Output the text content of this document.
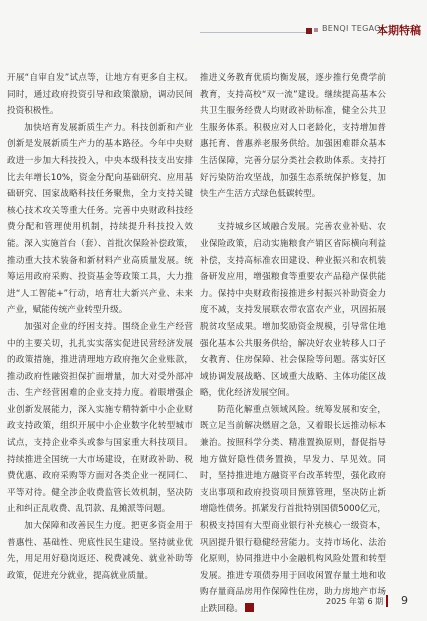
BENQI TEGAO
本期特稿

开展“自审自发”试点等，让地方有更多自主权。同时，通过政府投资引导和政策激励，调动民间投资积极性。

加快培育发展新质生产力。科技创新和产业创新是发展新质生产力的基本路径。今年中央财政进一步加大科技投入，中央本级科技支出安排比去年增长10%，资金分配向基础研究、应用基础研究、国家战略科技任务聚焦，全力支持关键核心技术攻关等重大任务。完善中央财政科技经费分配和管理使用机制，持续提升科技投入效能。深入实施首台（套）、首批次保险补偿政策，推动重大技术装备和新材料产业高质量发展。统筹运用政府采购、投资基金等政策工具，大力推进“人工智能+”行动，培育壮大新兴产业、未来产业，赋能传统产业转型升级。

加强对企业的纾困支持。围绕企业生产经营中的主要关切，扎扎实实落实促进民营经济发展的政策措施，推进清理地方政府拖欠企业账款，推动政府性融资担保扩面增量，加大对受外部冲击、生产经营困难的企业支持力度。着眼增强企业创新发展能力，深入实施专精特新中小企业财政支持政策，组织开展中小企业数字化转型城市试点，支持企业牵头或参与国家重大科技项目。持续推进全国统一大市场建设，在财政补助、税费优惠、政府采购等方面对各类企业一视同仁、平等对待。健全涉企收费监管长效机制，坚决防止和纠正乱收费、乱罚款、乱摊派等问题。

加大保障和改善民生力度。把更多资金用于普惠性、基础性、兜底性民生建设。坚持就业优先，用足用好稳岗返还、税费减免、就业补助等政策，促进充分就业，提高就业质量。

推进义务教育优质均衡发展，逐步推行免费学前教育，支持高校“双一流”建设。继续提高基本公共卫生服务经费人均财政补助标准，健全公共卫生服务体系。积极应对人口老龄化，支持增加普惠托育、普惠养老服务供给。加强困难群众基本生活保障，完善分层分类社会救助体系。支持打好污染防治攻坚战，加强生态系统保护修复，加快生产生活方式绿色低碳转型。

支持城乡区域融合发展。完善农业补贴、农业保险政策，启动实施粮食产销区省际横向利益补偿，支持高标准农田建设、种业振兴和农机装备研发应用，增强粮食等重要农产品稳产保供能力。保持中央财政衔接推进乡村振兴补助资金力度不减，支持发展联农带农富农产业，巩固拓展脱贫攻坚成果。增加奖励资金规模，引导常住地强化基本公共服务供给，解决好农业转移人口子女教育、住房保障、社会保险等问题。落实好区域协调发展战略、区域重大战略、主体功能区战略，优化经济发展空间。

防范化解重点领域风险。统筹发展和安全，既立足当前解决燃眉之急，又着眼长远推动标本兼治。按照科学分类、精准置换原则，督促指导地方做好隐性债务置换，早发力、早见效。同时，坚持推进地方融资平台改革转型，强化政府支出事项和政府投资项目预算管理，坚决防止新增隐性债务。抓紧发行首批特别国债5000亿元，积极支持国有大型商业银行补充核心一级资本，巩固提升银行稳健经营能力。支持市场化、法治化原则，协同推进中小金融机构风险处置和转型发展。推进专项债券用于回收闲置存量土地和收购存量商品房用作保障性住房，助力房地产市场止跌回稳。

2025 年第 6 期 9
